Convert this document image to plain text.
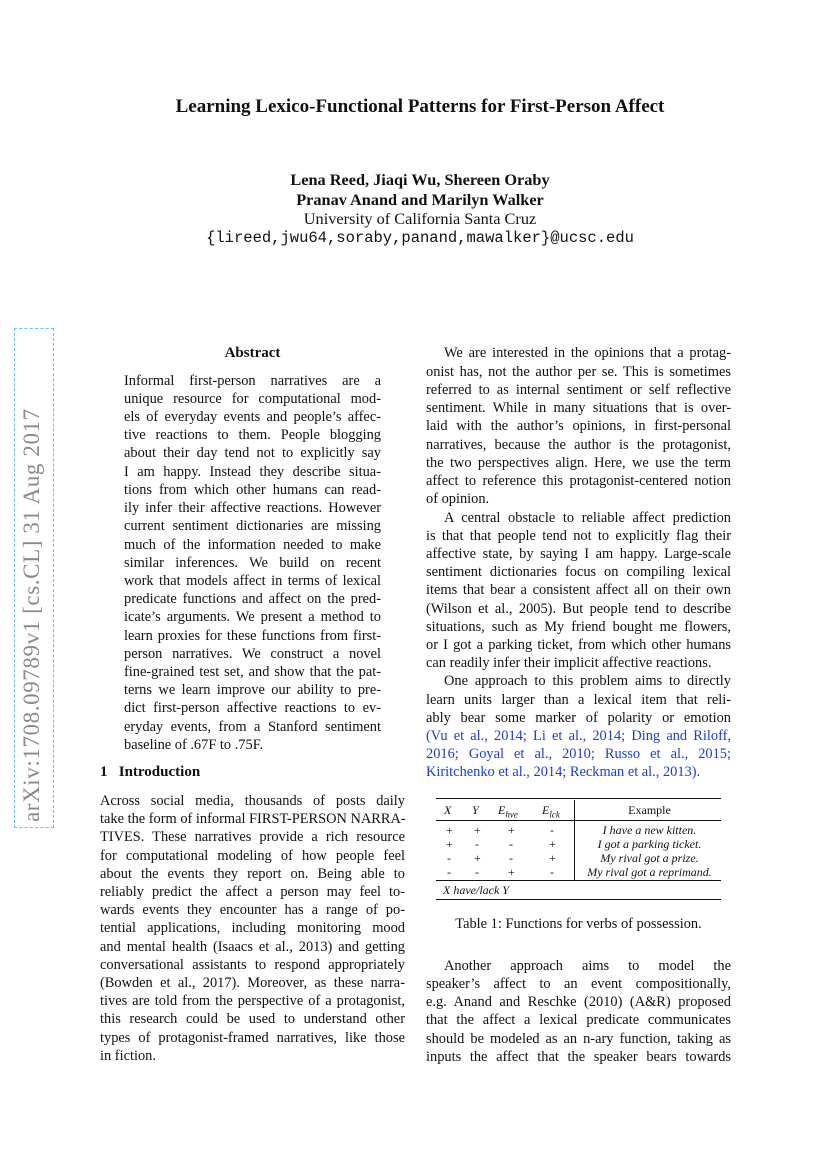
arXiv:1708.09789v1 [cs.CL] 31 Aug 2017
Learning Lexico-Functional Patterns for First-Person Affect
Lena Reed, Jiaqi Wu, Shereen Oraby
Pranav Anand and Marilyn Walker
University of California Santa Cruz
{lireed,jwu64,soraby,panand,mawalker}@ucsc.edu
Abstract
Informal first-person narratives are a
unique resource for computational mod-
els of everyday events and people’s affec-
tive reactions to them. People blogging
about their day tend not to explicitly say
I am happy. Instead they describe situa-
tions from which other humans can read-
ily infer their affective reactions. However
current sentiment dictionaries are missing
much of the information needed to make
similar inferences. We build on recent
work that models affect in terms of lexical
predicate functions and affect on the pred-
icate’s arguments. We present a method to
learn proxies for these functions from first-
person narratives. We construct a novel
fine-grained test set, and show that the pat-
terns we learn improve our ability to pre-
dict first-person affective reactions to ev-
eryday events, from a Stanford sentiment
baseline of .67F to .75F.
1 Introduction
Across social media, thousands of posts daily
take the form of informal FIRST-PERSON NARRA-
TIVES. These narratives provide a rich resource
for computational modeling of how people feel
about the events they report on. Being able to
reliably predict the affect a person may feel to-
wards events they encounter has a range of po-
tential applications, including monitoring mood
and mental health (Isaacs et al., 2013) and getting
conversational assistants to respond appropriately
(Bowden et al., 2017). Moreover, as these narra-
tives are told from the perspective of a protagonist,
this research could be used to understand other
types of protagonist-framed narratives, like those
in fiction.
We are interested in the opinions that a protag-
onist has, not the author per se. This is sometimes
referred to as internal sentiment or self reflective
sentiment. While in many situations that is over-
laid with the author’s opinions, in first-personal
narratives, because the author is the protagonist,
the two perspectives align. Here, we use the term
affect to reference this protagonist-centered notion
of opinion.
A central obstacle to reliable affect prediction
is that that people tend not to explicitly flag their
affective state, by saying I am happy. Large-scale
sentiment dictionaries focus on compiling lexical
items that bear a consistent affect all on their own
(Wilson et al., 2005). But people tend to describe
situations, such as My friend bought me flowers,
or I got a parking ticket, from which other humans
can readily infer their implicit affective reactions.
One approach to this problem aims to directly
learn units larger than a lexical item that reli-
ably bear some marker of polarity or emotion
(Vu et al., 2014; Li et al., 2014; Ding and Riloff,
2016; Goyal et al., 2010; Russo et al., 2015;
Kiritchenko et al., 2014; Reckman et al., 2013).
X Y $E_{hve}$ $E_{lck}$	Example
+ + +	-	I have a new kitten.
+ -	-	+	I got a parking ticket.
- + -	+	My rival got a prize.
- - +	-	My rival got a reprimand.
X have/lack Y
Table 1: Functions for verbs of possession.
Another approach aims to model the
speaker’s affect to an event compositionally,
e.g. Anand and Reschke (2010) (A&R) proposed
that the affect a lexical predicate communicates
should be modeled as an n-ary function, taking as
inputs the affect that the speaker bears towards
